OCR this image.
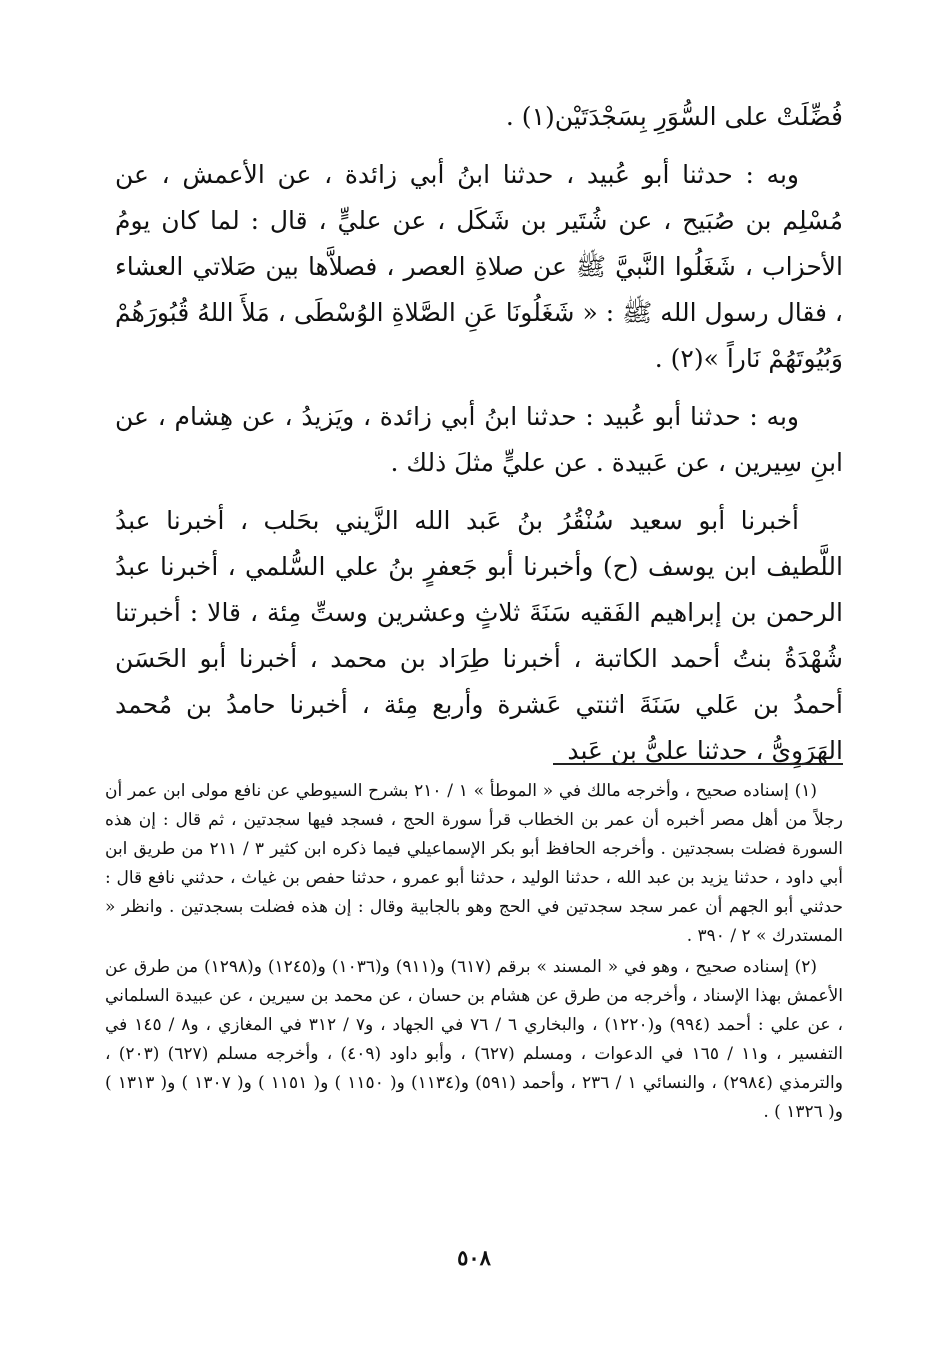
فُضِّلَتْ على السُّوَرِ بِسَجْدَتَيْن(١) .

وبه : حدثنا أبو عُبيد ، حدثنا ابنُ أبي زائدة ، عن الأعمش ، عن مُسْلِم بن صُبَيح ، عن شُتَير بن شَكَل ، عن عليٍّ ، قال : لما كان يومُ الأحزاب ، شَغَلُوا النَّبيَّ ﷺ عن صلاةِ العصر ، فصلاَّها بين صَلاتي العشاء ، فقال رسول الله ﷺ : « شَغَلُونَا عَنِ الصَّلاةِ الوُسْطَى ، مَلأَ اللهُ قُبُورَهُمْ وَبُيُوتَهُمْ نَاراً »(٢) .

وبه : حدثنا أبو عُبيد : حدثنا ابنُ أبي زائدة ، ويَزيدُ ، عن هِشام ، عن ابنِ سِيرين ، عن عَبيدة . عن عليٍّ مثلَ ذلك .

أخبرنا أبو سعيد سُنْقُرُ بنُ عَبد الله الزَّيني بحَلب ، أخبرنا عبدُ اللَّطيف ابن يوسف (ح) وأخبرنا أبو جَعفرٍ بنُ علي السُّلمي ، أخبرنا عبدُ الرحمن بن إبراهيم الفَقيه سَنَةَ ثلاثٍ وعشرين وستِّ مِئة ، قالا : أخبرتنا شُهْدَةُ بنتُ أحمد الكاتبة ، أخبرنا طِرَاد بن محمد ، أخبرنا أبو الحَسَن أحمدُ بن عَلي سَنَةَ اثنتي عَشرة وأربع مِئة ، أخبرنا حامدُ بن مُحمد الهَرَوِيُّ ، حدثنا عليُّ بن عَبد

(١) إسناده صحيح ، وأخرجه مالك في « الموطأ » ١ / ٢١٠ بشرح السيوطي عن نافع مولى ابن عمر أن رجلاً من أهل مصر أخبره أن عمر بن الخطاب قرأ سورة الحج ، فسجد فيها سجدتين ، ثم قال : إن هذه السورة فضلت بسجدتين . وأخرجه الحافظ أبو بكر الإسماعيلي فيما ذكره ابن كثير ٣ / ٢١١ من طريق ابن أبي داود ، حدثنا يزيد بن عبد الله ، حدثنا الوليد ، حدثنا أبو عمرو ، حدثنا حفص بن غياث ، حدثني نافع قال : حدثني أبو الجهم أن عمر سجد سجدتين في الحج وهو بالجابية وقال : إن هذه فضلت بسجدتين . وانظر « المستدرك » ٢ / ٣٩٠ .

(٢) إسناده صحيح ، وهو في « المسند » برقم (٦١٧) و(٩١١) و(١٠٣٦) و(١٢٤٥) و(١٢٩٨) من طرق عن الأعمش بهذا الإسناد ، وأخرجه من طرق عن هشام بن حسان ، عن محمد بن سيرين ، عن عبيدة السلماني ، عن علي : أحمد (٩٩٤) و(١٢٢٠) ، والبخاري ٦ / ٧٦ في الجهاد ، و٧ / ٣١٢ في المغازي ، و٨ / ١٤٥ في التفسير ، و١١ / ١٦٥ في الدعوات ، ومسلم (٦٢٧) ، وأبو داود (٤٠٩) ، وأخرجه مسلم (٦٢٧) (٢٠٣) ، والترمذي (٢٩٨٤) ، والنسائي ١ / ٢٣٦ ، وأحمد (٥٩١) و(١١٣٤) و( ١١٥٠ ) و( ١١٥١ ) و( ١٣٠٧ ) و( ١٣١٣ ) و( ١٣٢٦ ) .

٥٠٨
